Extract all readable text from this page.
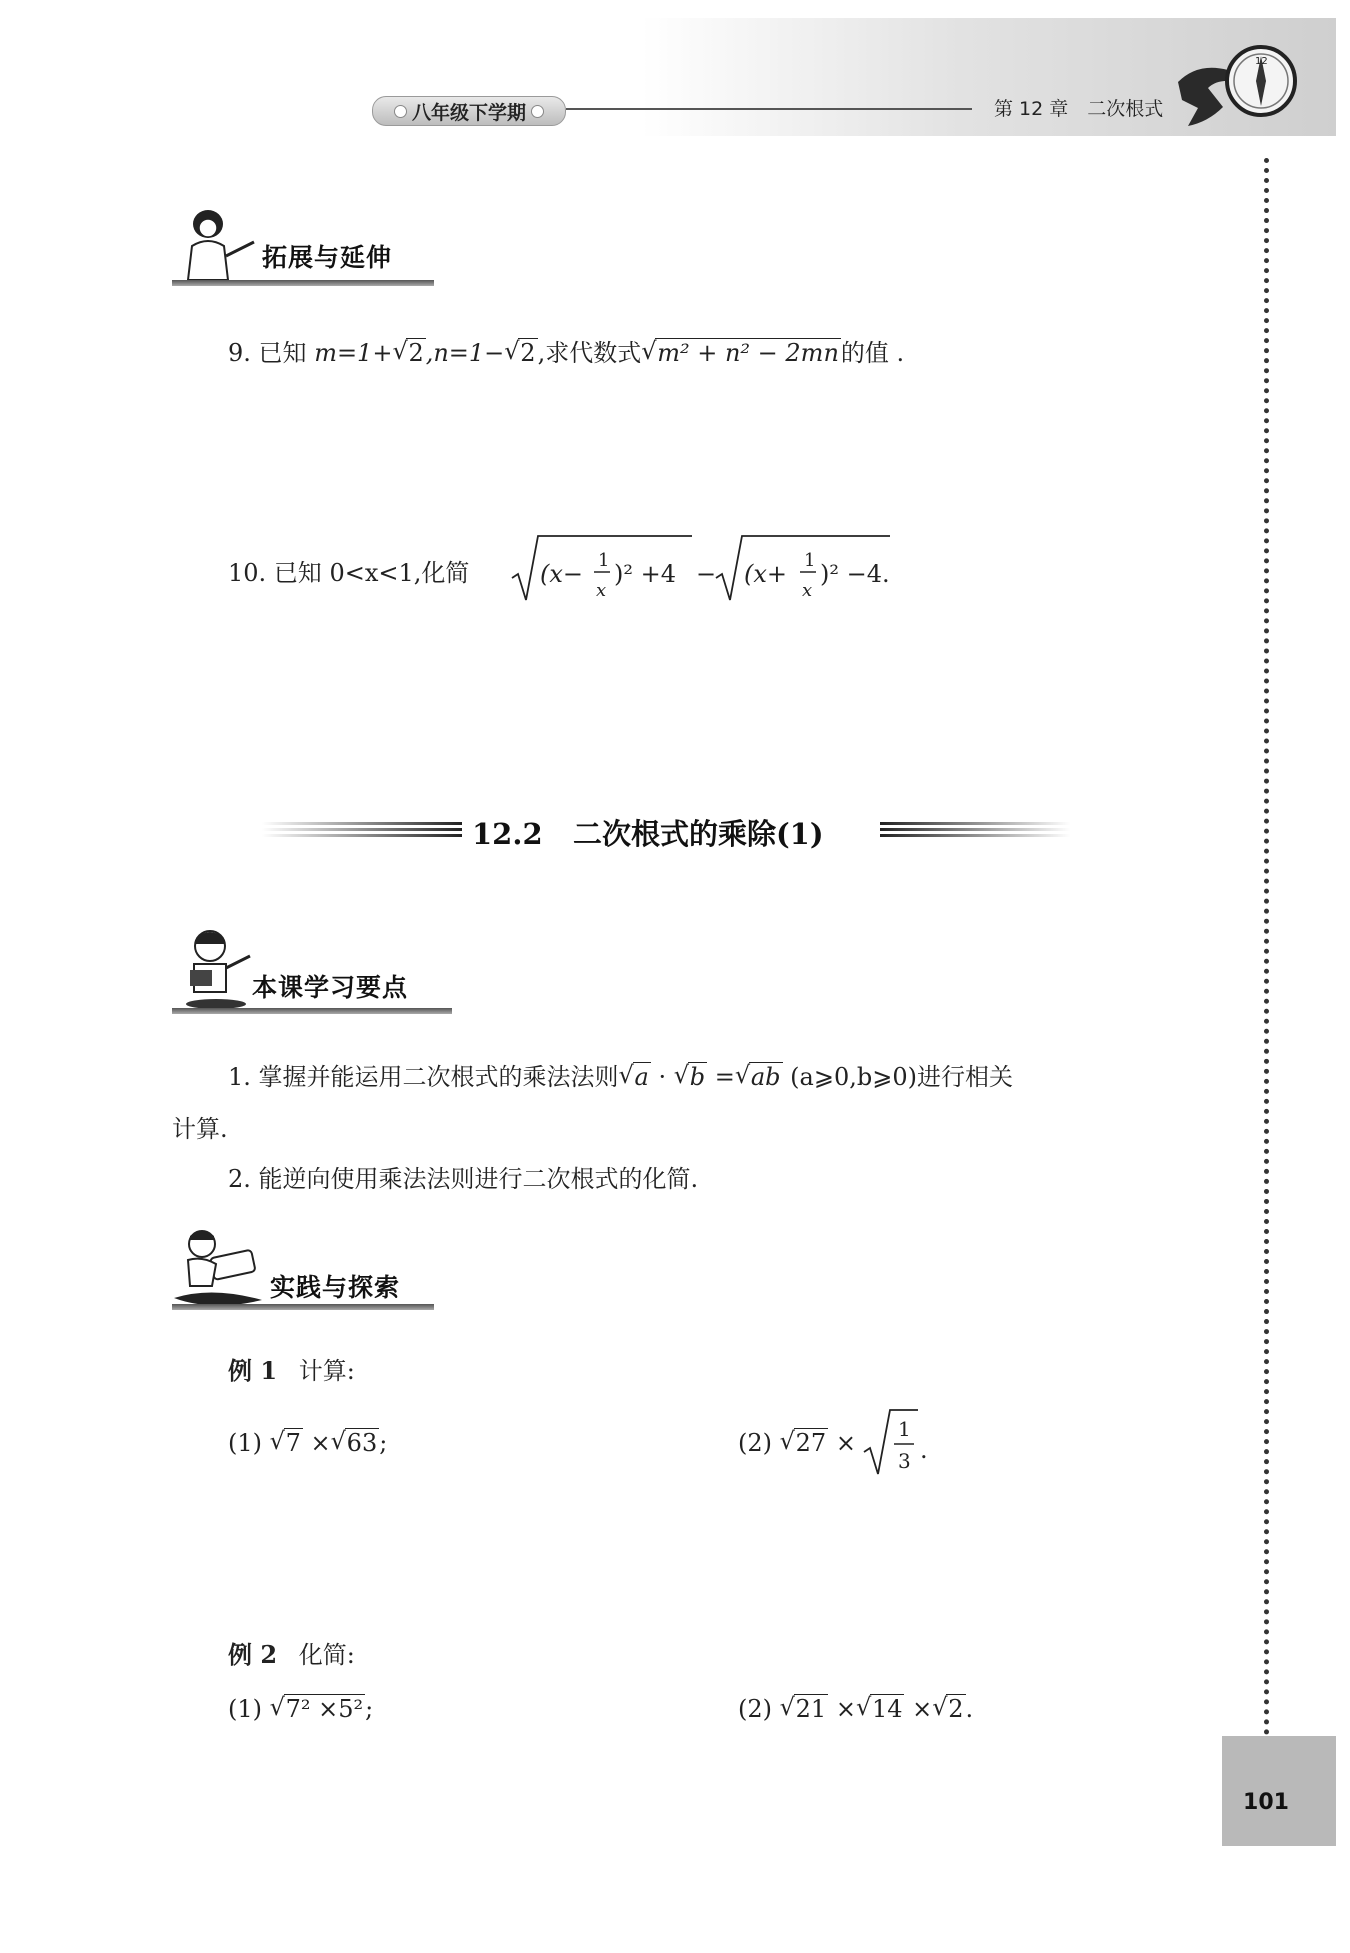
八年级下学期	第 12 章　二次根式
12
101
拓展与延伸
9. 已知 m=1+ √ 2,n=1− √ 2,求代数式 √ m² + n² − 2mn的值 .
10. 已知 0<x<1,化简	(x− 1
x
)² +4 − (x+ 1
x
)² −4.
12.2 二次根式的乘除(1)
本课学习要点
1. 掌握并能运用二次根式的乘法法则 √ a · √ b = √ ab (a⩾0,b⩾0)进行相关
计算.
2. 能逆向使用乘法法则进行二次根式的化简.
实践与探索
例 1 计算:
(1) √ 7 × √ 63;	(2) √ 27 × 1
3 .
例 2 化简:
(1) √ 7² ×5²;	(2) √ 21 × √ 14 × √ 2.
